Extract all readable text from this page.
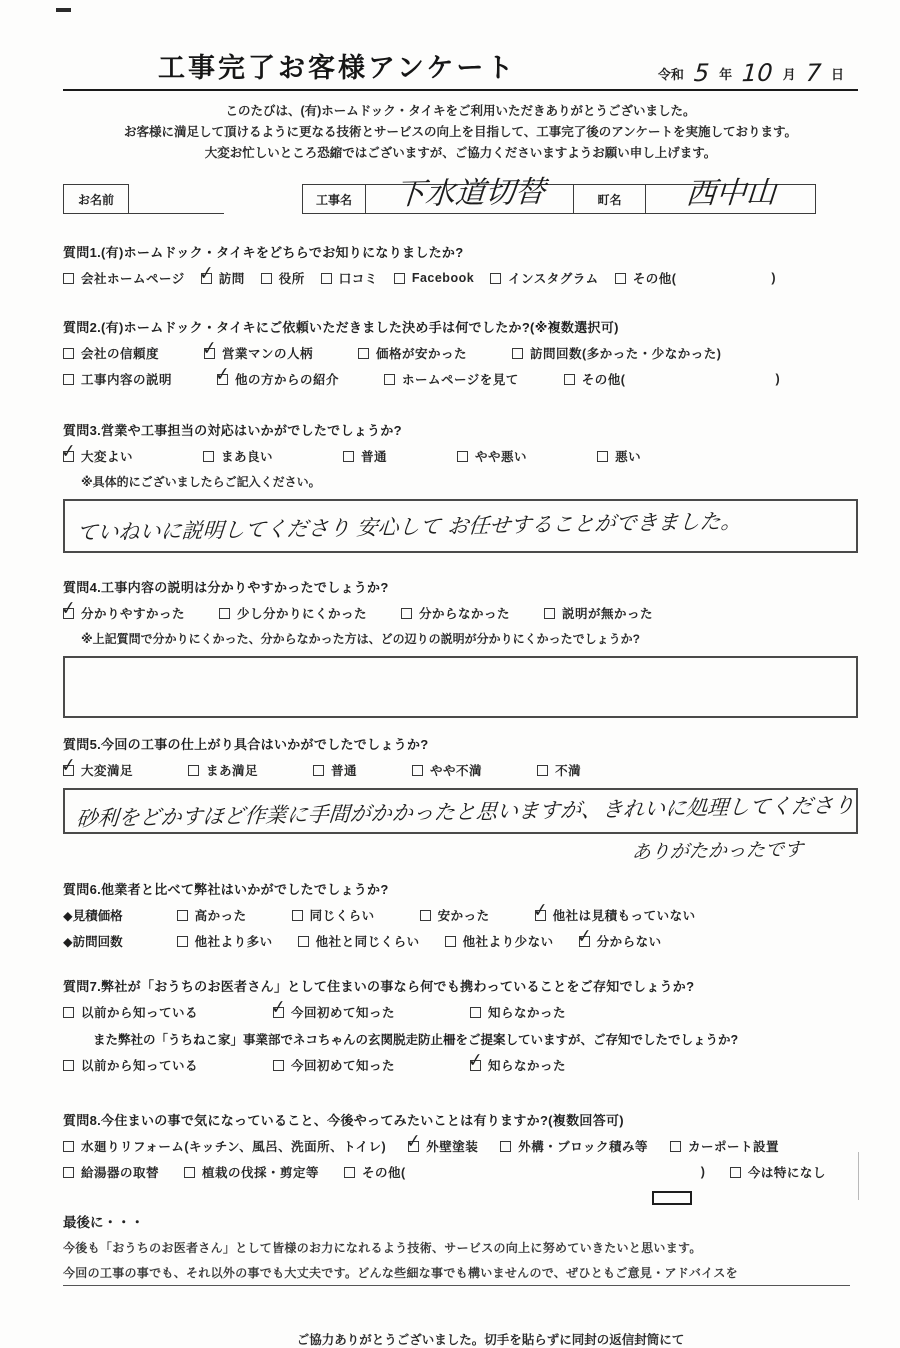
工事完了お客様アンケート	令和 5 年 10 月 7 日
このたびは、(有)ホームドック・タイキをご利用いただきありがとうございました。
お客様に満足して頂けるように更なる技術とサービスの向上を目指して、工事完了後のアンケートを実施しております。
大変お忙しいところ恐縮ではございますが、ご協力くださいますようお願い申し上げます。
お名前	工事名	下水道切替	町名	西中山
質問1.(有)ホームドック・タイキをどちらでお知りになりましたか?
会社ホームページ ✓ 訪問	役所	口コミ	Facebook	インスタグラム	その他(	)
質問2.(有)ホームドック・タイキにご依頼いただきました決め手は何でしたか?(※複数選択可)
会社の信頼度 ✓ 営業マンの人柄	価格が安かった	訪問回数(多かった・少なかった)
工事内容の説明 ✓ 他の方からの紹介	ホームページを見て	その他(	)
質問3.営業や工事担当の対応はいかがでしたでしょうか?
✓ 大変よい	まあ良い	普通	やや悪い	悪い
※具体的にございましたらご記入ください。
ていねいに説明してくださり 安心して お任せすることができました。
質問4.工事内容の説明は分かりやすかったでしょうか?
✓ 分かりやすかった	少し分かりにくかった	分からなかった	説明が無かった
※上記質問で分かりにくかった、分からなかった方は、どの辺りの説明が分かりにくかったでしょうか?
質問5.今回の工事の仕上がり具合はいかがでしたでしょうか?
✓ 大変満足	まあ満足	普通	やや不満	不満
砂利をどかすほど作業に手間がかかったと思いますが、きれいに処理してくださり
ありがたかったです
質問6.他業者と比べて弊社はいかがでしたでしょうか?
◆見積価格	高かった	同じくらい	安かった ✓ 他社は見積もっていない
◆訪問回数	他社より多い	他社と同じくらい	他社より少ない ✓ 分からない
質問7.弊社が「おうちのお医者さん」として住まいの事なら何でも携わっていることをご存知でしょうか?
以前から知っている	✓ 今回初めて知った	知らなかった
また弊社の「うちねこ家」事業部でネコちゃんの玄関脱走防止柵をご提案していますが、ご存知でしたでしょうか?
以前から知っている	今回初めて知った	✓ 知らなかった
質問8.今住まいの事で気になっていること、今後やってみたいことは有りますか?(複数回答可)
水廻りリフォーム(キッチン、風呂、洗面所、トイレ) ✓ 外壁塗装	外構・ブロック積み等	カーポート設置
給湯器の取替	植栽の伐採・剪定等	その他(	)	今は特になし
最後に・・・
今後も「おうちのお医者さん」として皆様のお力になれるよう技術、サービスの向上に努めていきたいと思います。
今回の工事の事でも、それ以外の事でも大丈夫です。どんな些細な事でも構いませんので、ぜひともご意見・アドバイスを
ご協力ありがとうございました。切手を貼らずに同封の返信封筒にて
